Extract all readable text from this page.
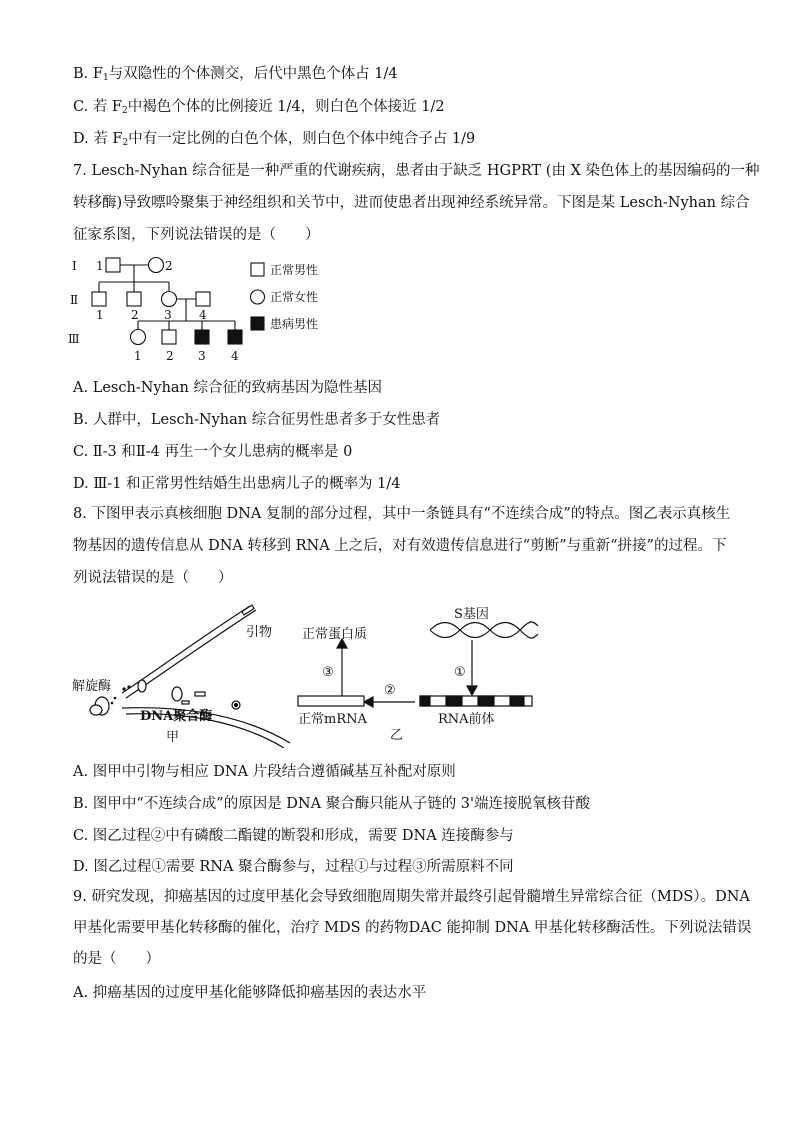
B. $F_1$与双隐性的个体测交，后代中黑色个体占 1/4
C. 若 $F_2$中褐色个体的比例接近 1/4，则白色个体接近 1/2
D. 若 $F_2$中有一定比例的白色个体，则白色个体中纯合子占 1/9
7. Lesch-Nyhan 综合征是一种严重的代谢疾病，患者由于缺乏 HGPRT (由 X 染色体上的基因编码的一种
转移酶)导致嘌呤聚集于神经组织和关节中，进而使患者出现神经系统异常。下图是某 Lesch-Nyhan 综合
征家系图，下列说法错误的是（　　）
Ⅰ
Ⅱ
Ⅲ
1	2
1 2 3 4
1 2 3 4
正常男性
正常女性
患病男性
A. Lesch-Nyhan 综合征的致病基因为隐性基因
B. 人群中，Lesch-Nyhan 综合征男性患者多于女性患者
C. Ⅱ-3 和Ⅱ-4 再生一个女儿患病的概率是 0
D. Ⅲ-1 和正常男性结婚生出患病儿子的概率为 1/4
8. 下图甲表示真核细胞 DNA 复制的部分过程，其中一条链具有“不连续合成”的特点。图乙表示真核生
物基因的遗传信息从 DNA 转移到 RNA 上之后，对有效遗传信息进行“剪断”与重新“拼接”的过程。下
列说法错误的是（　　）
引物
解旋酶
DNA聚合酶
甲
正常蛋白质
S基因
③
②
①
正常mRNA	RNA前体
乙
A. 图甲中引物与相应 DNA 片段结合遵循碱基互补配对原则
B. 图甲中“不连续合成”的原因是 DNA 聚合酶只能从子链的 3'端连接脱氧核苷酸
C. 图乙过程②中有磷酸二酯键的断裂和形成，需要 DNA 连接酶参与
D. 图乙过程①需要 RNA 聚合酶参与，过程①与过程③所需原料不同
9. 研究发现，抑癌基因的过度甲基化会导致细胞周期失常并最终引起骨髓增生异常综合征（MDS）。DNA
甲基化需要甲基化转移酶的催化，治疗 MDS 的药物DAC 能抑制 DNA 甲基化转移酶活性。下列说法错误
的是（　　）
A. 抑癌基因的过度甲基化能够降低抑癌基因的表达水平
